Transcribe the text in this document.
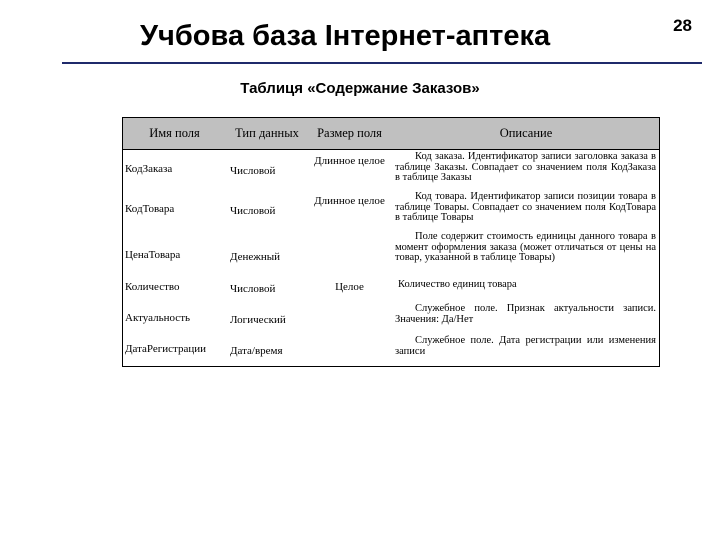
Учбова база Інтернет-аптека	28
Таблиця «Содержание Заказов»
Имя поля	Тип данных	Размер поля	Описание

КодЗаказа	Числовой	Длинное целое	Код заказа. Идентификатор записи заголовка заказа в таблице Заказы. Совпадает со значением поля КодЗаказа в таблице Заказы

КодТовара	Числовой	Длинное целое	Код товара. Идентификатор записи позиции товара в таблице Товары. Совпадает со значением поля КодТовара в таблице Товары

ЦенаТовара	Денежный		Поле содержит стоимость единицы данного товара в момент оформления заказа (может отличаться от цены на товар, указанной в таблице Товары)

Количество	Числовой	Целое	Количество единиц товара

Актуальность	Логический		Служебное поле. Признак актуальности записи. Значения: Да/Нет

ДатаРегистрации	Дата/время		Служебное поле. Дата регистрации или изменения записи
